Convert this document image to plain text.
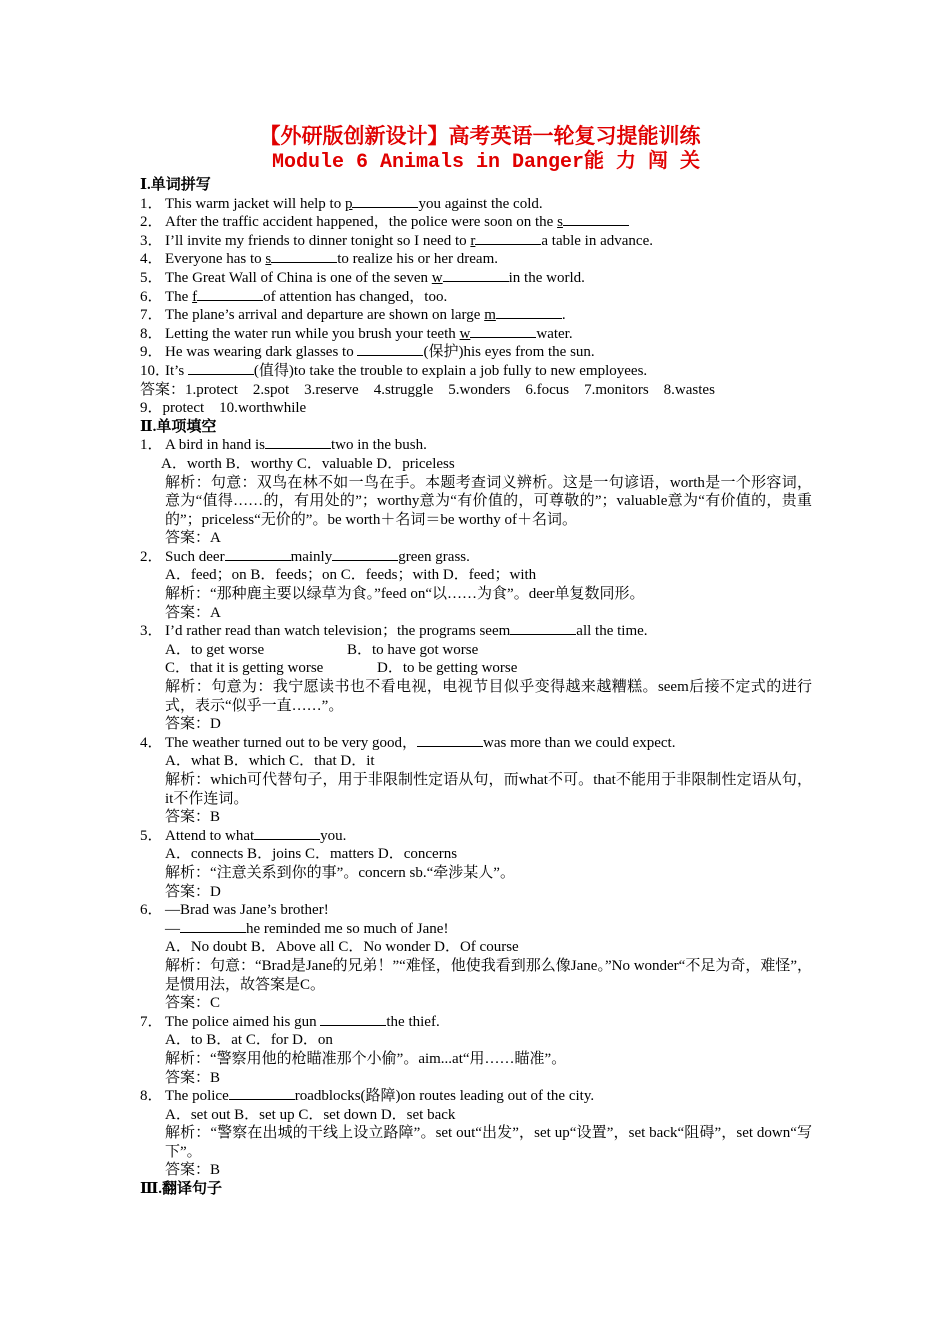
【外研版创新设计】高考英语一轮复习提能训练
Module 6 Animals in Danger能 力 闯 关
Ⅰ.单词拼写
1． This warm jacket will help to p	you against the cold.
2． After the traffic accident happened，the police were soon on the s
3． I’ll invite my friends to dinner tonight so I need to r	a table in advance.
4． Everyone has to s	to realize his or her dream.
5． The Great Wall of China is one of the seven w	in the world.
6． The f	of attention has changed，too.
7． The plane’s arrival and departure are shown on large m	.
8． Letting the water run while you brush your teeth w	water.
9． He was wearing dark glasses to	(保护)his eyes from the sun.
10．It’s	(值得)to take the trouble to explain a job fully to new employees.
答案：1.protect　2.spot　3.reserve　4.struggle　5.wonders　6.focus　7.monitors　8.wastes
9．protect　10.worthwhile
Ⅱ.单项填空
1． A bird in hand is	two in the bush.
A．worth B．worthy C．valuable D．priceless
解析：句意：双鸟在林不如一鸟在手。本题考查词义辨析。这是一句谚语，worth是一个形容词，意为“值得……的，有用处的”；worthy意为“有价值的，可尊敬的”；valuable意为“有价值的，贵重的”；priceless“无价的”。be worth＋名词＝be worthy of＋名词。
答案：A
2． Such deer	mainly	green grass.
A．feed；on B．feeds；on C．feeds；with D．feed；with
解析：“那种鹿主要以绿草为食。”feed on“以……为食”。deer单复数同形。
答案：A
3． I’d rather read than watch television；the programs seem	all the time.
A．to get worse	B．to have got worse
C．that it is getting worse	D．to be getting worse
解析：句意为：我宁愿读书也不看电视，电视节目似乎变得越来越糟糕。seem后接不定式的进行式，表示“似乎一直……”。
答案：D
4． The weather turned out to be very good，	was more than we could expect.
A．what B．which C．that D．it
解析：which可代替句子，用于非限制性定语从句，而what不可。that不能用于非限制性定语从句，it不作连词。
答案：B
5． Attend to what	you.
A．connects B．joins C．matters D．concerns
解析：“注意关系到你的事”。concern sb.“牵涉某人”。
答案：D
6． —Brad was Jane’s brother!
—	he reminded me so much of Jane!
A．No doubt B．Above all C．No wonder D．Of course
解析：句意：“Brad是Jane的兄弟！”“难怪，他使我看到那么像Jane。”No wonder“不足为奇，难怪”，是惯用法，故答案是C。
答案：C
7． The police aimed his gun	the thief.
A．to B．at C．for D．on
解析：“警察用他的枪瞄准那个小偷”。aim...at“用……瞄准”。
答案：B
8． The police	roadblocks(路障)on routes leading out of the city.
A．set out B．set up C．set down D．set back
解析：“警察在出城的干线上设立路障”。set out“出发”，set up“设置”，set back“阻碍”，set down“写下”。
答案：B
Ⅲ.翻译句子
